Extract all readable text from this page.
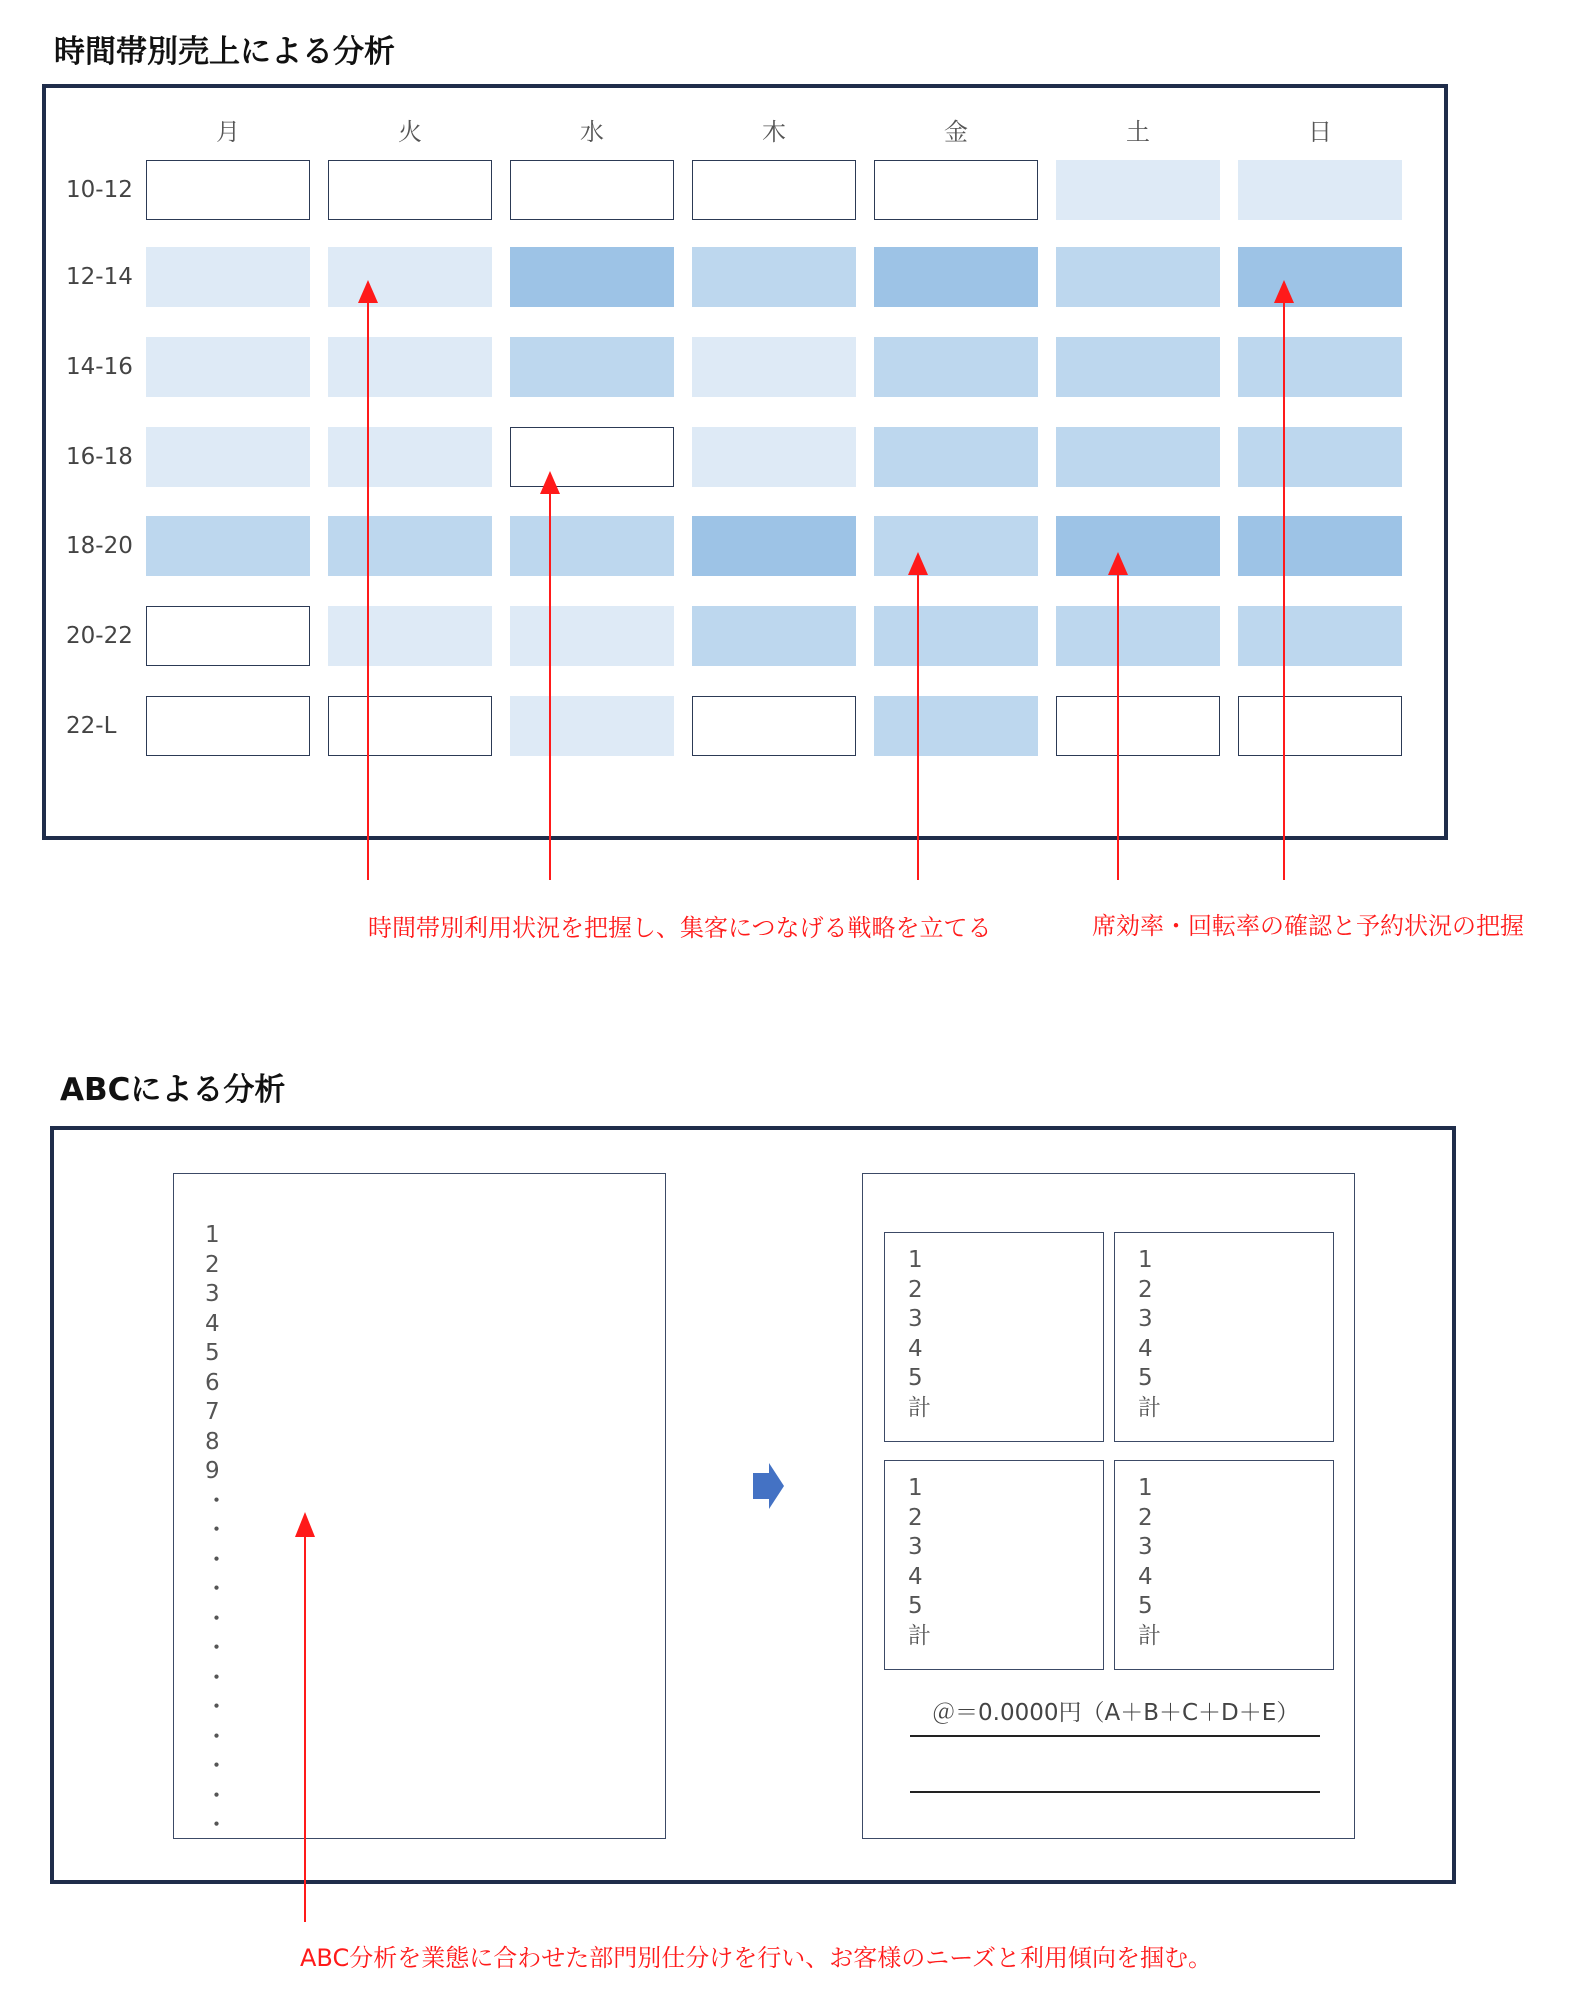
時間帯別売上による分析
月	火	水	木	金	土	日
10-12
12-14
14-16
16-18
18-20
20-22
22-L
ABCによる分析
1
2
3
4
5
6
7
8
9
・
・
・
・
・
・
・
・
・
・
・
・
1
2
3
4
5
計
1
2
3
4
5
計
1
2
3
4
5
計
1
2
3
4
5
計
＠＝0.0000円（A＋B＋C＋D＋E）
時間帯別利用状況を把握し、集客につなげる戦略を立てる	席効率・回転率の確認と予約状況の把握
ABC分析を業態に合わせた部門別仕分けを行い、お客様のニーズと利用傾向を掴む。
